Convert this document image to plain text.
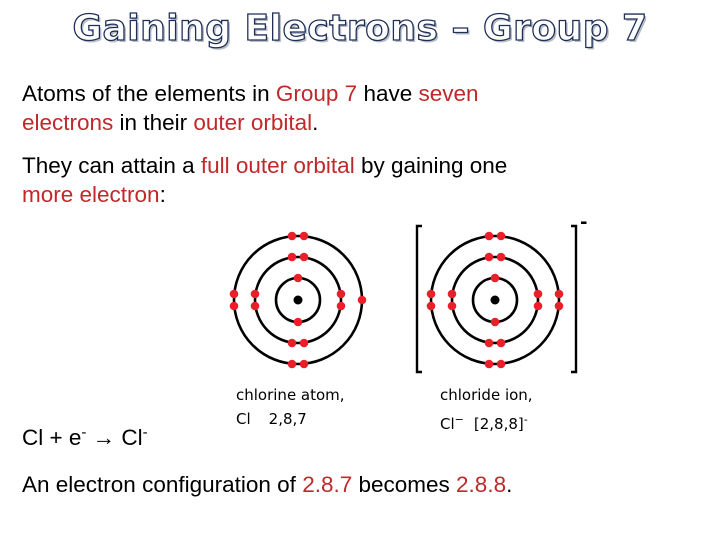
Gaining Electrons – Group 7
Atoms of the elements in Group 7 have seven
electrons in their outer orbital.
They can attain a full outer orbital by gaining one
more electron:
-
chlorine atom,
Cl 2,8,7
chloride ion,
Cl− [2,8,8]-
Cl + e- → Cl-
An electron configuration of 2.8.7 becomes 2.8.8.
